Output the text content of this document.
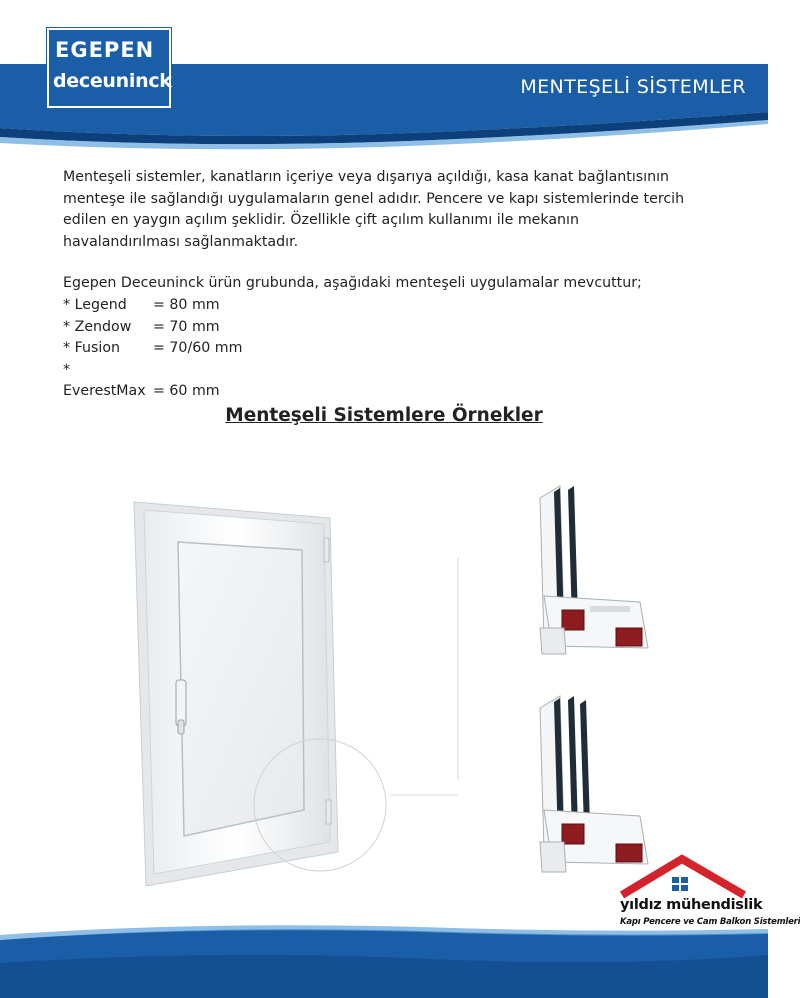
EGEPEN
deceuninck	MENTEŞELİ SİSTEMLER

Menteşeli sistemler, kanatların içeriye veya dışarıya açıldığı, kasa kanat bağlantısının
menteşe ile sağlandığı uygulamaların genel adıdır. Pencere ve kapı sistemlerinde tercih
edilen en yaygın açılım şeklidir. Özellikle çift açılım kullanımı ile mekanın
havalandırılması sağlanmaktadır.

Egepen Deceuninck ürün grubunda, aşağıdaki menteşeli uygulamalar mevcuttur;

* Legend = 80 mm
* Zendow = 70 mm
* Fusion = 70/60 mm
* EverestMax = 60 mm
Menteşeli Sistemlere Örnekler
yıldız mühendislik
Kapı Pencere ve Cam Balkon Sistemleri
